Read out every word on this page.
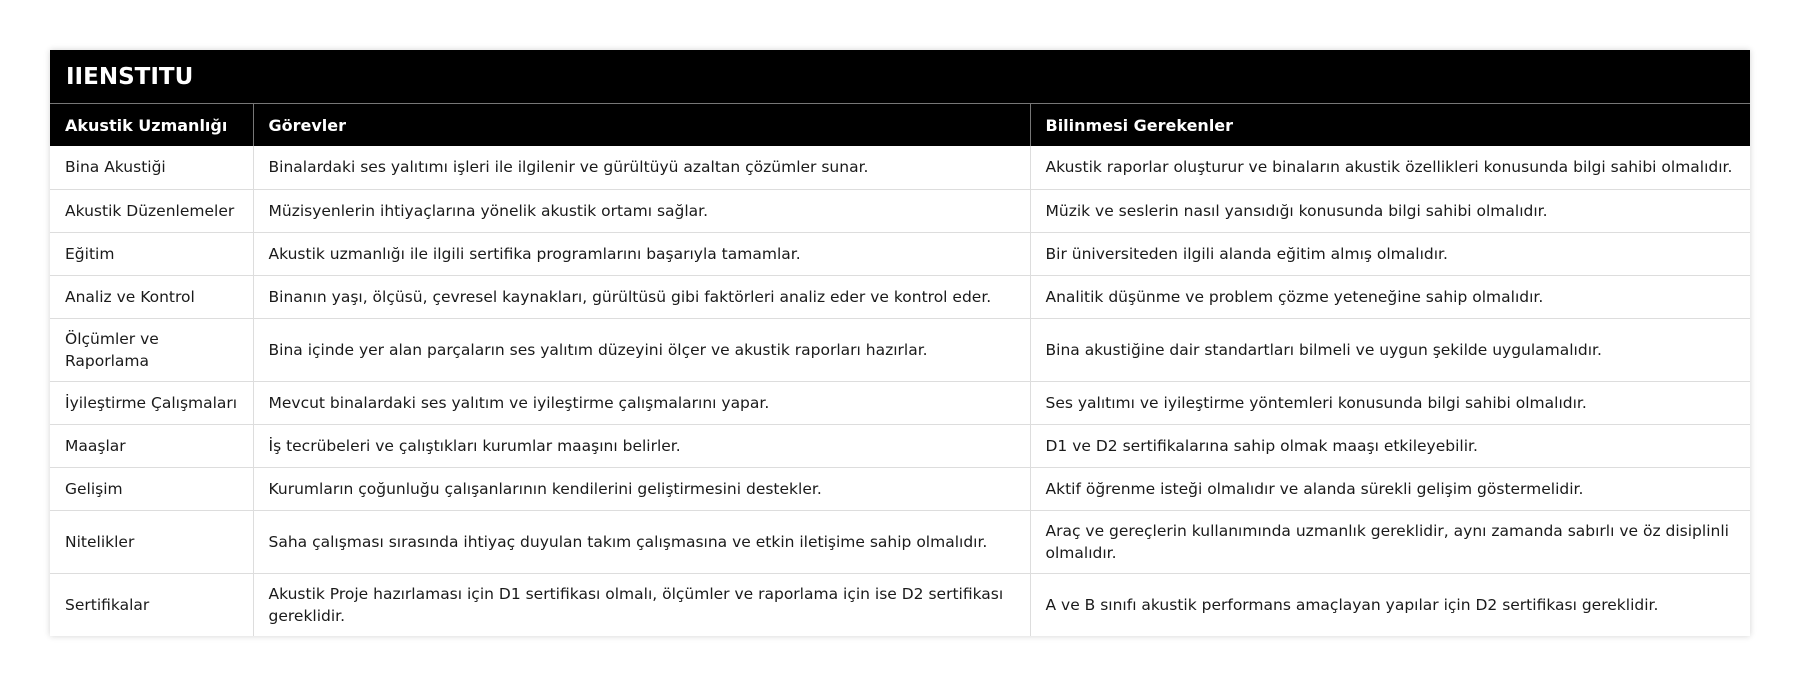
IIENSTITU
Akustik Uzmanlığı	Görevler	Bilinmesi Gerekenler
Bina Akustiği	Binalardaki ses yalıtımı işleri ile ilgilenir ve gürültüyü azaltan çözümler sunar.	Akustik raporlar oluşturur ve binaların akustik özellikleri konusunda bilgi sahibi olmalıdır.
Akustik Düzenlemeler	Müzisyenlerin ihtiyaçlarına yönelik akustik ortamı sağlar.	Müzik ve seslerin nasıl yansıdığı konusunda bilgi sahibi olmalıdır.
Eğitim	Akustik uzmanlığı ile ilgili sertifika programlarını başarıyla tamamlar.	Bir üniversiteden ilgili alanda eğitim almış olmalıdır.
Analiz ve Kontrol	Binanın yaşı, ölçüsü, çevresel kaynakları, gürültüsü gibi faktörleri analiz eder ve kontrol eder.	Analitik düşünme ve problem çözme yeteneğine sahip olmalıdır.
Ölçümler ve Raporlama	Bina içinde yer alan parçaların ses yalıtım düzeyini ölçer ve akustik raporları hazırlar.	Bina akustiğine dair standartları bilmeli ve uygun şekilde uygulamalıdır.
İyileştirme Çalışmaları	Mevcut binalardaki ses yalıtım ve iyileştirme çalışmalarını yapar.	Ses yalıtımı ve iyileştirme yöntemleri konusunda bilgi sahibi olmalıdır.
Maaşlar	İş tecrübeleri ve çalıştıkları kurumlar maaşını belirler.	D1 ve D2 sertifikalarına sahip olmak maaşı etkileyebilir.
Gelişim	Kurumların çoğunluğu çalışanlarının kendilerini geliştirmesini destekler.	Aktif öğrenme isteği olmalıdır ve alanda sürekli gelişim göstermelidir.
Nitelikler	Saha çalışması sırasında ihtiyaç duyulan takım çalışmasına ve etkin iletişime sahip olmalıdır.	Araç ve gereçlerin kullanımında uzmanlık gereklidir, aynı zamanda sabırlı ve öz disiplinli olmalıdır.
Sertifikalar	Akustik Proje hazırlaması için D1 sertifikası olmalı, ölçümler ve raporlama için ise D2 sertifikası gereklidir.	A ve B sınıfı akustik performans amaçlayan yapılar için D2 sertifikası gereklidir.
